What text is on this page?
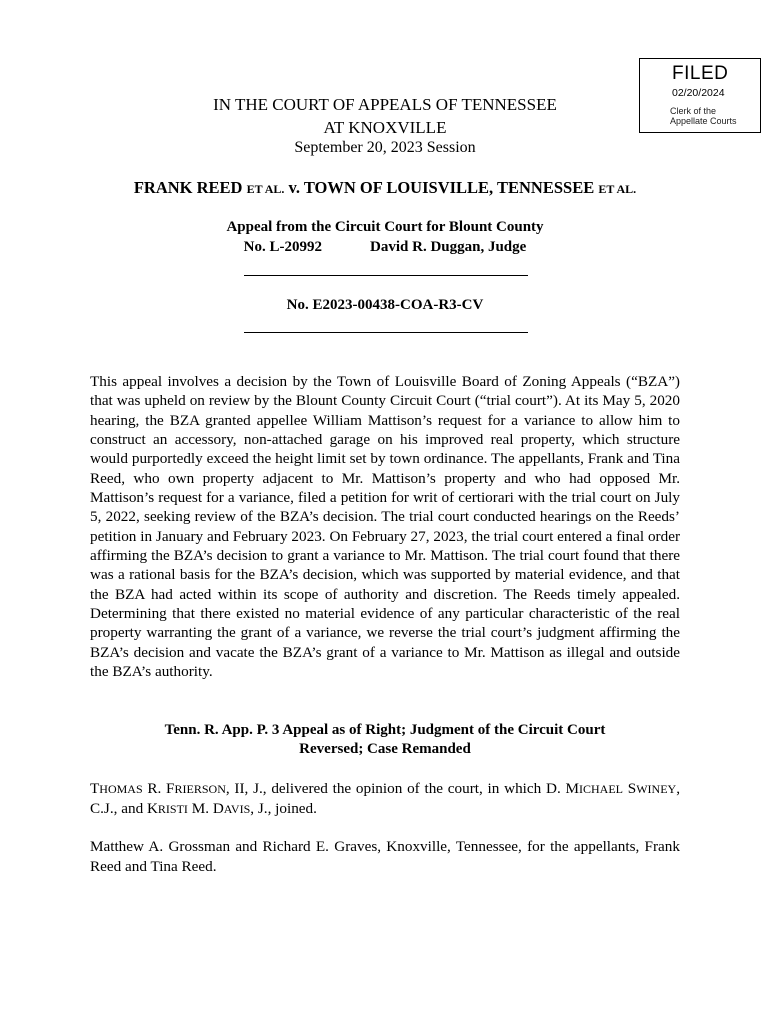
FILED
02/20/2024
Clerk of the
Appellate Courts
IN THE COURT OF APPEALS OF TENNESSEE
AT KNOXVILLE
September 20, 2023 Session
FRANK REED ET AL. v. TOWN OF LOUISVILLE, TENNESSEE ET AL.
Appeal from the Circuit Court for Blount County
No. L-20992	David R. Duggan, Judge
No. E2023-00438-COA-R3-CV
This appeal involves a decision by the Town of Louisville Board of Zoning Appeals (“BZA”) that was upheld on review by the Blount County Circuit Court (“trial court”). At its May 5, 2020 hearing, the BZA granted appellee William Mattison’s request for a variance to allow him to construct an accessory, non-attached garage on his improved real property, which structure would purportedly exceed the height limit set by town ordinance. The appellants, Frank and Tina Reed, who own property adjacent to Mr. Mattison’s property and who had opposed Mr. Mattison’s request for a variance, filed a petition for writ of certiorari with the trial court on July 5, 2022, seeking review of the BZA’s decision. The trial court conducted hearings on the Reeds’ petition in January and February 2023. On February 27, 2023, the trial court entered a final order affirming the BZA’s decision to grant a variance to Mr. Mattison. The trial court found that there was a rational basis for the BZA’s decision, which was supported by material evidence, and that the BZA had acted within its scope of authority and discretion. The Reeds timely appealed. Determining that there existed no material evidence of any particular characteristic of the real property warranting the grant of a variance, we reverse the trial court’s judgment affirming the BZA’s decision and vacate the BZA’s grant of a variance to Mr. Mattison as illegal and outside the BZA’s authority.
Tenn. R. App. P. 3 Appeal as of Right; Judgment of the Circuit Court
Reversed; Case Remanded
THOMAS R. FRIERSON, II, J., delivered the opinion of the court, in which D. MICHAEL SWINEY, C.J., and KRISTI M. DAVIS, J., joined.
Matthew A. Grossman and Richard E. Graves, Knoxville, Tennessee, for the appellants, Frank Reed and Tina Reed.
